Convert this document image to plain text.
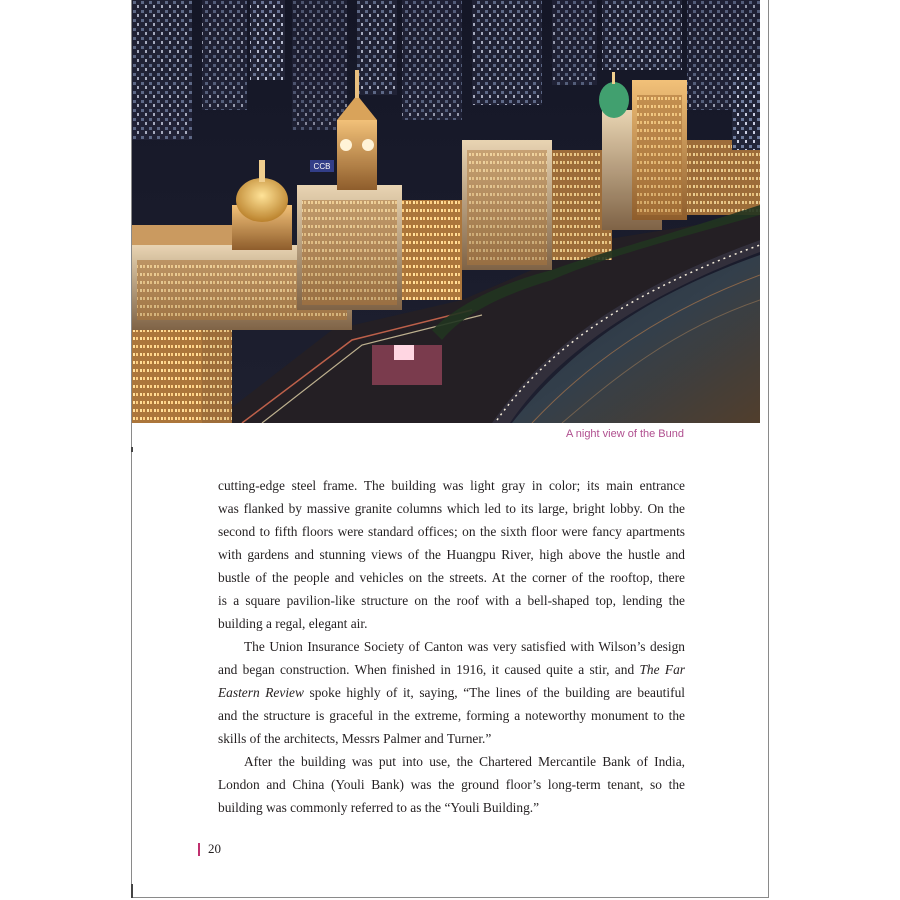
CCB
A night view of the Bund

cutting-edge steel frame. The building was light gray in color; its main entrance
was flanked by massive granite columns which led to its large, bright lobby. On the
second to fifth floors were standard offices; on the sixth floor were fancy apartments
with gardens and stunning views of the Huangpu River, high above the hustle and
bustle of the people and vehicles on the streets. At the corner of the rooftop, there
is a square pavilion-like structure on the roof with a bell-shaped top, lending the
building a regal, elegant air.

The Union Insurance Society of Canton was very satisfied with Wilson’s design
and began construction. When finished in 1916, it caused quite a stir, and The Far
Eastern Review spoke highly of it, saying, “The lines of the building are beautiful
and the structure is graceful in the extreme, forming a noteworthy monument to the
skills of the architects, Messrs Palmer and Turner.”

After the building was put into use, the Chartered Mercantile Bank of India,
London and China (Youli Bank) was the ground floor’s long-term tenant, so the
building was commonly referred to as the “Youli Building.”

20
